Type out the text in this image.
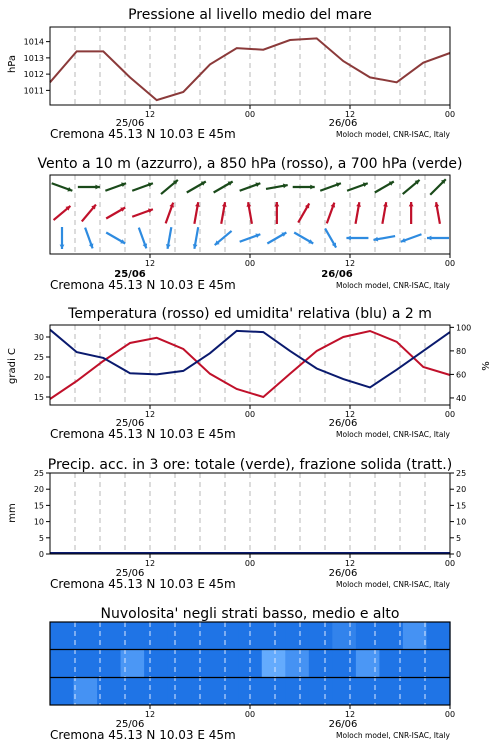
Pressione al livello medio del mare
hPa
1011
1012
1013
1014
12	00	12	00
25/06	26/06
Cremona 45.13 N 10.03 E 45m	Moloch model, CNR-ISAC, Italy
Vento a 10 m (azzurro), a 850 hPa (rosso), a 700 hPa (verde)
12	00	12	00
25/06	26/06
Cremona 45.13 N 10.03 E 45m	Moloch model, CNR-ISAC, Italy
Temperatura (rosso) ed umidita' relativa (blu) a 2 m
gradi C	%
15
20
25
30
40
60
80
100
12	00	12	00
25/06	26/06
Cremona 45.13 N 10.03 E 45m	Moloch model, CNR-ISAC, Italy
Precip. acc. in 3 ore: totale (verde), frazione solida (tratt.)
mm
0
5
10
15
20
25
0
5
10
15
20
25
12	00	12	00
25/06	26/06
Cremona 45.13 N 10.03 E 45m	Moloch model, CNR-ISAC, Italy
Nuvolosita' negli strati basso, medio e alto
12	00	12	00
25/06	26/06
Cremona 45.13 N 10.03 E 45m	Moloch model, CNR-ISAC, Italy
